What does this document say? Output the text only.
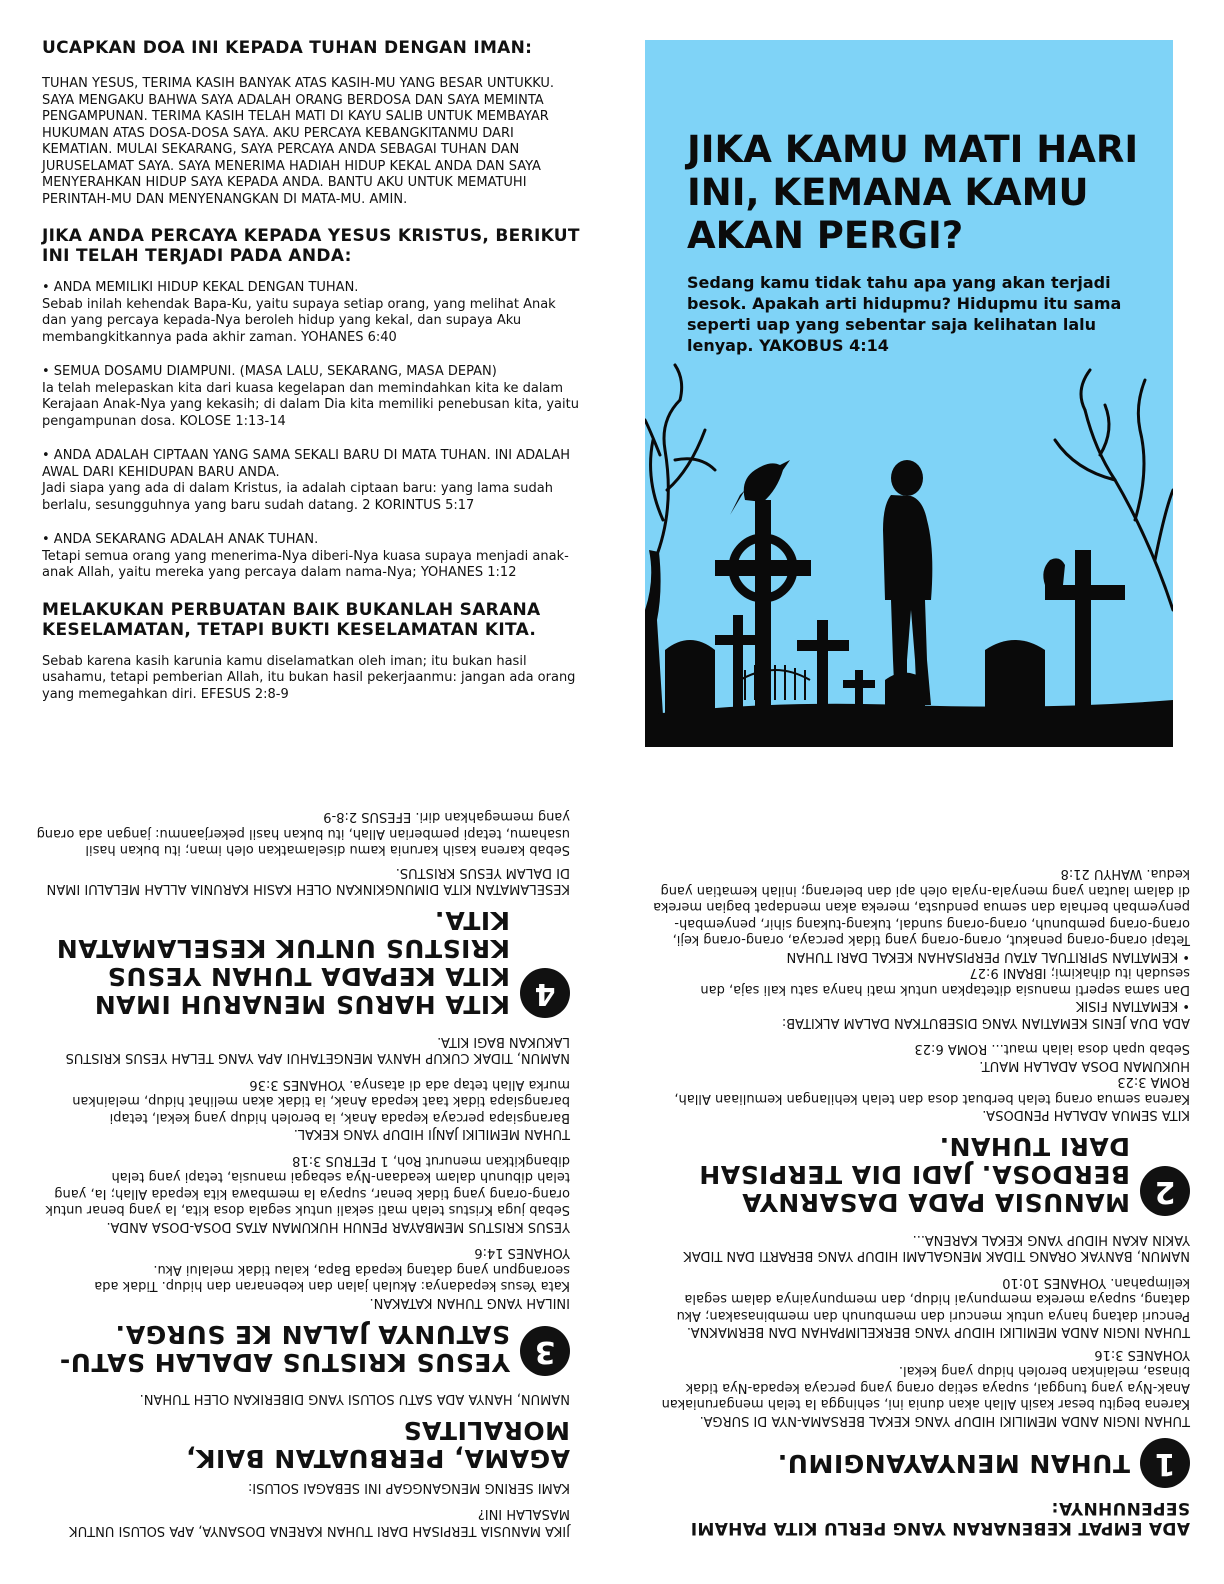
UCAPKAN DOA INI KEPADA TUHAN DENGAN IMAN:
TUHAN YESUS, TERIMA KASIH BANYAK ATAS KASIH-MU YANG BESAR UNTUKKU. SAYA MENGAKU BAHWA SAYA ADALAH ORANG BERDOSA DAN SAYA MEMINTA PENGAMPUNAN. TERIMA KASIH TELAH MATI DI KAYU SALIB UNTUK MEMBAYAR HUKUMAN ATAS DOSA-DOSA SAYA. AKU PERCAYA KEBANGKITANMU DARI KEMATIAN. MULAI SEKARANG, SAYA PERCAYA ANDA SEBAGAI TUHAN DAN JURUSELAMAT SAYA. SAYA MENERIMA HADIAH HIDUP KEKAL ANDA DAN SAYA MENYERAHKAN HIDUP SAYA KEPADA ANDA. BANTU AKU UNTUK MEMATUHI PERINTAH-MU DAN MENYENANGKAN DI MATA-MU. AMIN.
JIKA ANDA PERCAYA KEPADA YESUS KRISTUS, BERIKUT INI TELAH TERJADI PADA ANDA:
• ANDA MEMILIKI HIDUP KEKAL DENGAN TUHAN.
Sebab inilah kehendak Bapa-Ku, yaitu supaya setiap orang, yang melihat Anak dan yang percaya kepada-Nya beroleh hidup yang kekal, dan supaya Aku membangkitkannya pada akhir zaman. YOHANES 6:40
• SEMUA DOSAMU DIAMPUNI. (MASA LALU, SEKARANG, MASA DEPAN)
Ia telah melepaskan kita dari kuasa kegelapan dan memindahkan kita ke dalam Kerajaan Anak-Nya yang kekasih; di dalam Dia kita memiliki penebusan kita, yaitu pengampunan dosa. KOLOSE 1:13-14
• ANDA ADALAH CIPTAAN YANG SAMA SEKALI BARU DI MATA TUHAN. INI ADALAH AWAL DARI KEHIDUPAN BARU ANDA.
Jadi siapa yang ada di dalam Kristus, ia adalah ciptaan baru: yang lama sudah berlalu, sesungguhnya yang baru sudah datang. 2 KORINTUS 5:17
• ANDA SEKARANG ADALAH ANAK TUHAN.
Tetapi semua orang yang menerima-Nya diberi-Nya kuasa supaya menjadi anak-anak Allah, yaitu mereka yang percaya dalam nama-Nya; YOHANES 1:12
MELAKUKAN PERBUATAN BAIK BUKANLAH SARANA KESELAMATAN, TETAPI BUKTI KESELAMATAN KITA.
Sebab karena kasih karunia kamu diselamatkan oleh iman; itu bukan hasil usahamu, tetapi pemberian Allah, itu bukan hasil pekerjaanmu: jangan ada orang yang memegahkan diri. EFESUS 2:8-9
JIKA KAMU MATI HARI INI, KEMANA KAMU AKAN PERGI?
Sedang kamu tidak tahu apa yang akan terjadi besok. Apakah arti hidupmu? Hidupmu itu sama seperti uap yang sebentar saja kelihatan lalu lenyap. YAKOBUS 4:14
JIKA MANUSIA TERPISAH DARI TUHAN KARENA DOSANYA, APA SOLUSI UNTUK MASALAH INI?
KAMI SERING MENGANGGAP INI SEBAGAI SOLUSI:
AGAMA, PERBUATAN BAIK, MORALITAS
NAMUN, HANYA ADA SATU SOLUSI YANG DIBERIKAN OLEH TUHAN.
3
YESUS KRISTUS ADALAH SATU-SATUNYA JALAN KE SURGA.
INILAH YANG TUHAN KATAKAN.
Kata Yesus kepadanya: Akulah jalan dan kebenaran dan hidup. Tidak ada seorangpun yang datang kepada Bapa, kalau tidak melalui Aku.
YOHANES 14:6
YESUS KRISTUS MEMBAYAR PENUH HUKUMAN ATAS DOSA-DOSA ANDA.
Sebab juga Kristus telah mati sekali untuk segala dosa kita, Ia yang benar untuk orang-orang yang tidak benar, supaya Ia membawa kita kepada Allah; Ia, yang telah dibunuh dalam keadaan-Nya sebagai manusia, tetapi yang telah dibangkitkan menurut Roh, 1 PETRUS 3:18
TUHAN MEMILIKI JANJI HIDUP YANG KEKAL.
Barangsiapa percaya kepada Anak, ia beroleh hidup yang kekal, tetapi barangsiapa tidak taat kepada Anak, ia tidak akan melihat hidup, melainkan murka Allah tetap ada di atasnya. YOHANES 3:36
NAMUN, TIDAK CUKUP HANYA MENGETAHUI APA YANG TELAH YESUS KRISTUS LAKUKAN BAGI KITA.
4
KITA HARUS MENARUH IMAN KITA KEPADA TUHAN YESUS KRISTUS UNTUK KESELAMATAN KITA.
KESELAMATAN KITA DIMUNGKINKAN OLEH KASIH KARUNIA ALLAH MELALUI IMAN DI DALAM YESUS KRISTUS.
Sebab karena kasih karunia kamu diselamatkan oleh iman; itu bukan hasil usahamu, tetapi pemberian Allah, itu bukan hasil pekerjaanmu: jangan ada orang yang memegahkan diri. EFESUS 2:8-9
ADA EMPAT KEBENARAN YANG PERLU KITA PAHAMI SEPENUHNYA:
1
TUHAN MENYAYANGIMU.
TUHAN INGIN ANDA MEMILIKI HIDUP YANG KEKAL BERSAMA-NYA DI SURGA.
Karena begitu besar kasih Allah akan dunia ini, sehingga Ia telah mengaruniakan Anak-Nya yang tunggal, supaya setiap orang yang percaya kepada-Nya tidak binasa, melainkan beroleh hidup yang kekal.
YOHANES 3:16
TUHAN INGIN ANDA MEMILIKI HIDUP YANG BERKELIMPAHAN DAN BERMAKNA.
Pencuri datang hanya untuk mencuri dan membunuh dan membinasakan; Aku datang, supaya mereka mempunyai hidup, dan mempunyainya dalam segala kelimpahan. YOHANES 10:10
NAMUN, BANYAK ORANG TIDAK MENGALAMI HIDUP YANG BERARTI DAN TIDAK YAKIN AKAN HIDUP YANG KEKAL KARENA...
2
MANUSIA PADA DASARNYA BERDOSA. JADI DIA TERPISAH DARI TUHAN.
KITA SEMUA ADALAH PENDOSA.
Karena semua orang telah berbuat dosa dan telah kehilangan kemuliaan Allah, ROMA 3:23
HUKUMAN DOSA ADALAH MAUT.
Sebab upah dosa ialah maut... ROMA 6:23
ADA DUA JENIS KEMATIAN YANG DISEBUTKAN DALAM ALKITAB:
• KEMATIAN FISIK
Dan sama seperti manusia ditetapkan untuk mati hanya satu kali saja, dan sesudah itu dihakimi; IBRANI 9:27
• KEMATIAN SPIRITUAL ATAU PERPISAHAN KEKAL DARI TUHAN
Tetapi orang-orang penakut, orang-orang yang tidak percaya, orang-orang keji, orang-orang pembunuh, orang-orang sundal, tukang-tukang sihir, penyembah-penyembah berhala dan semua pendusta, mereka akan mendapat bagian mereka di dalam lautan yang menyala-nyala oleh api dan belerang; inilah kematian yang kedua. WAHYU 21:8
